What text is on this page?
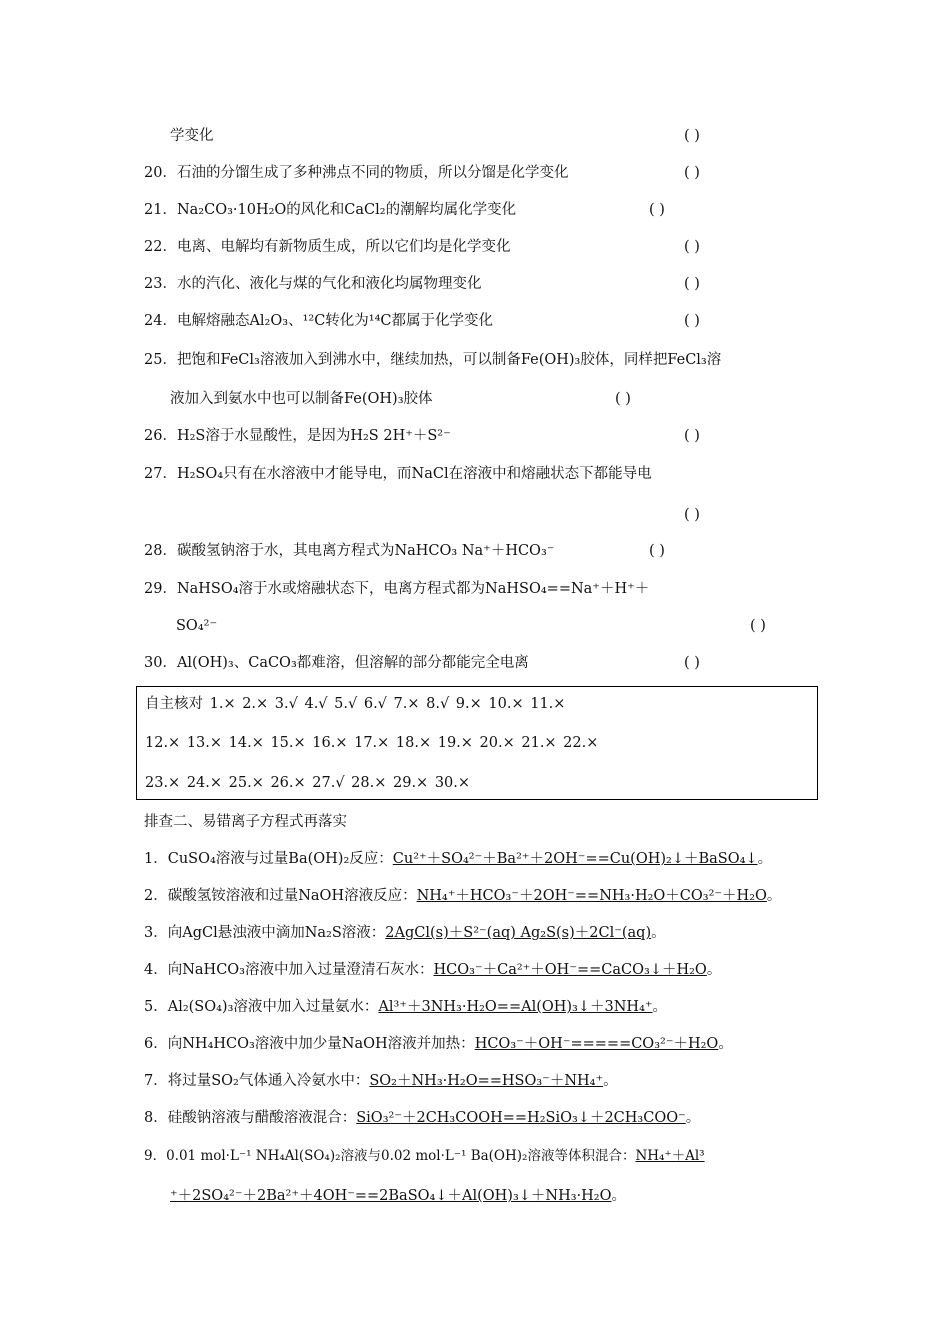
学变化	( )
20．石油的分馏生成了多种沸点不同的物质，所以分馏是化学变化	( )
21．Na₂CO₃·10H₂O的风化和CaCl₂的潮解均属化学变化	( )
22．电离、电解均有新物质生成，所以它们均是化学变化	( )
23．水的汽化、液化与煤的气化和液化均属物理变化	( )
24．电解熔融态Al₂O₃、¹²C转化为¹⁴C都属于化学变化	( )
25．把饱和FeCl₃溶液加入到沸水中，继续加热，可以制备Fe(OH)₃胶体，同样把FeCl₃溶
液加入到氨水中也可以制备Fe(OH)₃胶体	( )
26．H₂S溶于水显酸性，是因为H₂S 2H⁺＋S²⁻	( )
27．H₂SO₄只有在水溶液中才能导电，而NaCl在溶液中和熔融状态下都能导电
( )
28．碳酸氢钠溶于水，其电离方程式为NaHCO₃ Na⁺＋HCO₃⁻	( )
29．NaHSO₄溶于水或熔融状态下，电离方程式都为NaHSO₄==Na⁺＋H⁺＋
SO₄²⁻	( )
30．Al(OH)₃、CaCO₃都难溶，但溶解的部分都能完全电离	( )
自主核对 1.× 2.× 3.√ 4.√ 5.√ 6.√ 7.× 8.√ 9.× 10.× 11.×
12.× 13.× 14.× 15.× 16.× 17.× 18.× 19.× 20.× 21.× 22.×
23.× 24.× 25.× 26.× 27.√ 28.× 29.× 30.×
排查二、易错离子方程式再落实
1．CuSO₄溶液与过量Ba(OH)₂反应：Cu²⁺＋SO₄²⁻＋Ba²⁺＋2OH⁻==Cu(OH)₂↓＋BaSO₄↓。
2．碳酸氢铵溶液和过量NaOH溶液反应：NH₄⁺＋HCO₃⁻＋2OH⁻==NH₃·H₂O＋CO₃²⁻＋H₂O。
3．向AgCl悬浊液中滴加Na₂S溶液：2AgCl(s)＋S²⁻(aq) Ag₂S(s)＋2Cl⁻(aq)。
4．向NaHCO₃溶液中加入过量澄清石灰水：HCO₃⁻＋Ca²⁺＋OH⁻==CaCO₃↓＋H₂O。
5．Al₂(SO₄)₃溶液中加入过量氨水：Al³⁺＋3NH₃·H₂O==Al(OH)₃↓＋3NH₄⁺。
6．向NH₄HCO₃溶液中加少量NaOH溶液并加热：HCO₃⁻＋OH⁻=====CO₃²⁻＋H₂O。
7．将过量SO₂气体通入冷氨水中：SO₂＋NH₃·H₂O==HSO₃⁻＋NH₄⁺。
8．硅酸钠溶液与醋酸溶液混合：SiO₃²⁻＋2CH₃COOH==H₂SiO₃↓＋2CH₃COO⁻。
9．0.01 mol·L⁻¹ NH₄Al(SO₄)₂溶液与0.02 mol·L⁻¹ Ba(OH)₂溶液等体积混合：NH₄⁺＋Al³
⁺＋2SO₄²⁻＋2Ba²⁺＋4OH⁻==2BaSO₄↓＋Al(OH)₃↓＋NH₃·H₂O。
